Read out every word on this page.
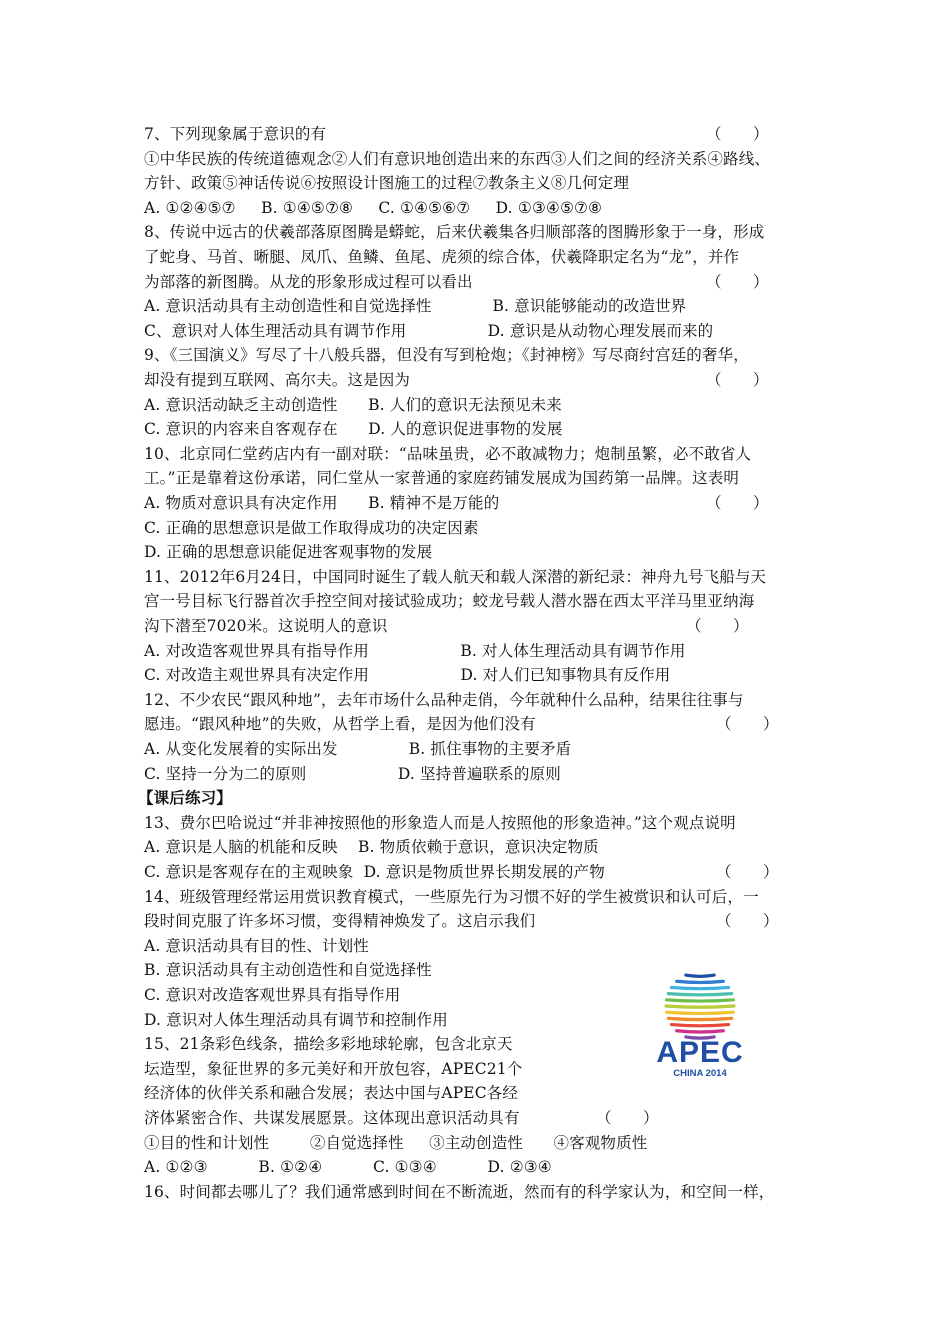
7、下列现象属于意识的有	（　　）
①中华民族的传统道德观念②人们有意识地创造出来的东西③人们之间的经济关系④路线、
方针、政策⑤神话传说⑥按照设计图施工的过程⑦教条主义⑧几何定理
A. ①②④⑤⑦     B. ①④⑤⑦⑧     C. ①④⑤⑥⑦     D. ①③④⑤⑦⑧
8、传说中远古的伏羲部落原图腾是蟒蛇，后来伏羲集各归顺部落的图腾形象于一身，形成
了蛇身、马首、晰腿、凤爪、鱼鳞、鱼尾、虎须的综合体，伏羲降职定名为“龙”，并作
为部落的新图腾。从龙的形象形成过程可以看出	（　　）
A. 意识活动具有主动创造性和自觉选择性            B. 意识能够能动的改造世界
C、意识对人体生理活动具有调节作用                D. 意识是从动物心理发展而来的
9、《三国演义》写尽了十八般兵器，但没有写到枪炮；《封神榜》写尽商纣宫廷的奢华，
却没有提到互联网、高尔夫。这是因为	（　　）
A. 意识活动缺乏主动创造性      B. 人们的意识无法预见未来
C. 意识的内容来自客观存在      D. 人的意识促进事物的发展
10、北京同仁堂药店内有一副对联：“品味虽贵，必不敢减物力；炮制虽繁，必不敢省人
工。”正是靠着这份承诺，同仁堂从一家普通的家庭药铺发展成为国药第一品牌。这表明
A. 物质对意识具有决定作用      B. 精神不是万能的	（　　）
C. 正确的思想意识是做工作取得成功的决定因素
D. 正确的思想意识能促进客观事物的发展
11、2012年6月24日，中国同时诞生了载人航天和载人深潜的新纪录：神舟九号飞船与天
宫一号目标飞行器首次手控空间对接试验成功；蛟龙号载人潜水器在西太平洋马里亚纳海
沟下潜至7020米。这说明人的意识	（　　）
A. 对改造客观世界具有指导作用                  B. 对人体生理活动具有调节作用
C. 对改造主观世界具有决定作用                  D. 对人们已知事物具有反作用
12、不少农民“跟风种地”，去年市场什么品种走俏，今年就种什么品种，结果往往事与
愿违。“跟风种地”的失败，从哲学上看，是因为他们没有	（　　）
A. 从变化发展着的实际出发              B. 抓住事物的主要矛盾
C. 坚持一分为二的原则                  D. 坚持普遍联系的原则
【课后练习】
13、费尔巴哈说过“并非神按照他的形象造人而是人按照他的形象造神。”这个观点说明
A. 意识是人脑的机能和反映    B. 物质依赖于意识，意识决定物质
C. 意识是客观存在的主观映象  D. 意识是物质世界长期发展的产物	（　　）
14、班级管理经常运用赏识教育模式，一些原先行为习惯不好的学生被赏识和认可后，一
段时间克服了许多坏习惯，变得精神焕发了。这启示我们	（　　）
A. 意识活动具有目的性、计划性
B. 意识活动具有主动创造性和自觉选择性
C. 意识对改造客观世界具有指导作用
D. 意识对人体生理活动具有调节和控制作用
15、21条彩色线条，描绘多彩地球轮廓，包含北京天
坛造型，象征世界的多元美好和开放包容，APEC21个
经济体的伙伴关系和融合发展；表达中国与APEC各经
济体紧密合作、共谋发展愿景。这体现出意识活动具有	（　　）
①目的性和计划性        ②自觉选择性     ③主动创造性      ④客观物质性
A. ①②③          B. ①②④          C. ①③④          D. ②③④
16、时间都去哪儿了？我们通常感到时间在不断流逝，然而有的科学家认为，和空间一样，
APEC
CHINA 2014
